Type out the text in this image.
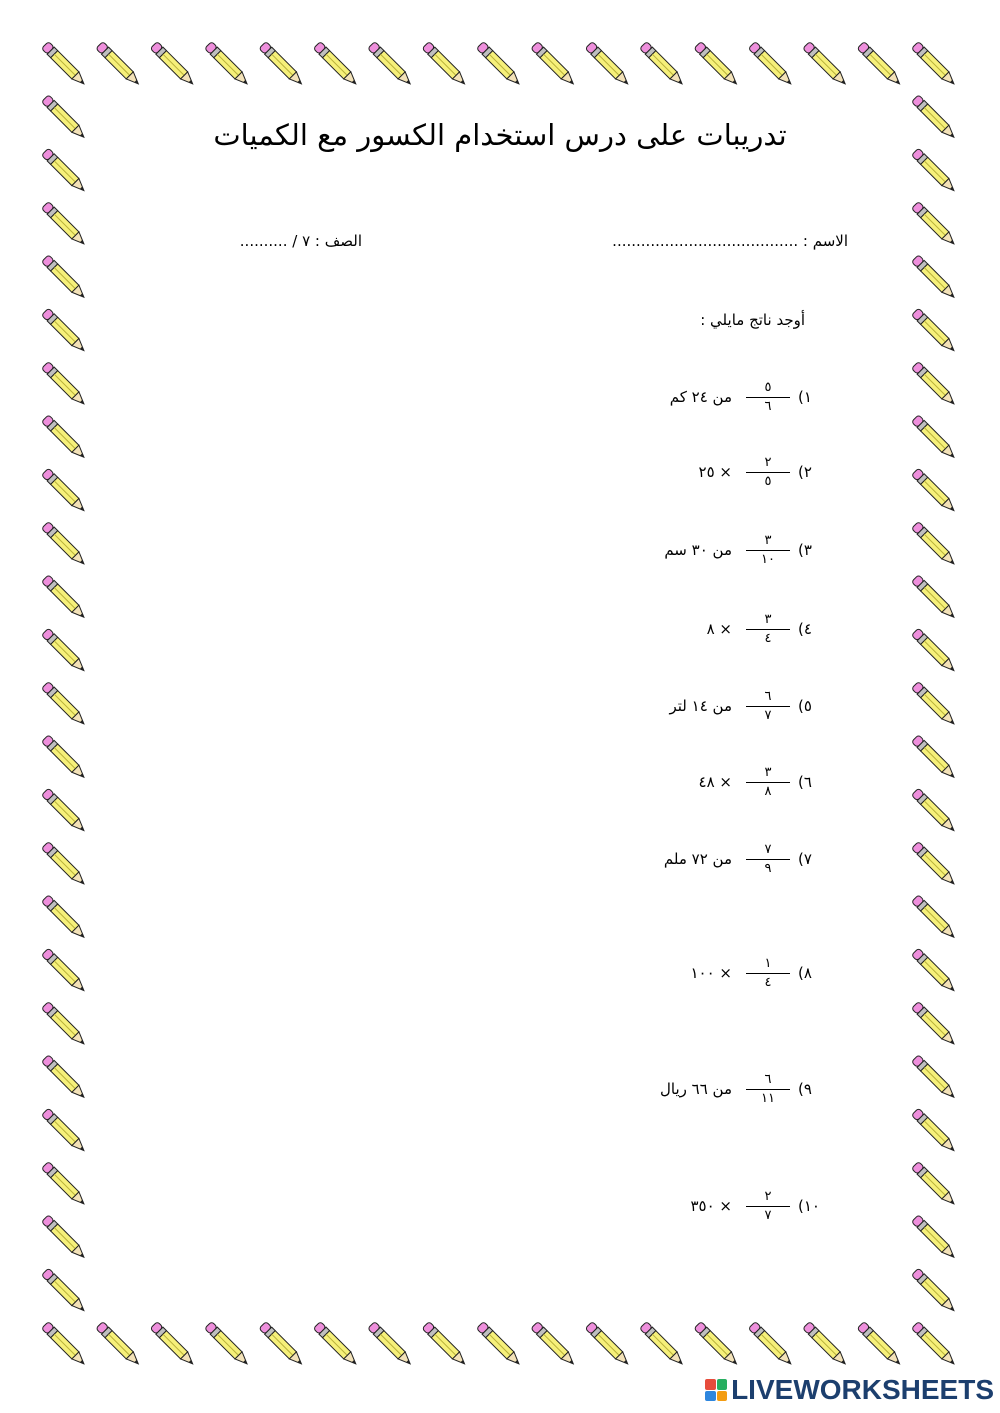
تدريبات على درس استخدام الكسور مع الكميات
الاسم : .......................................
الصف : ٧ / ..........
أوجد ناتج مايلي :
١)
$\frac{٥}{٦}$
من ٢٤ كم
٢)
$\frac{٢}{٥}$
× ٢٥
٣)
$\frac{٣}{١٠}$
من ٣٠ سم
٤)
$\frac{٣}{٤}$
× ٨
٥)
$\frac{٦}{٧}$
من ١٤ لتر
٦)
$\frac{٣}{٨}$
× ٤٨
٧)
$\frac{٧}{٩}$
من ٧٢ ملم
٨)
$\frac{١}{٤}$
× ١٠٠
٩)
$\frac{٦}{١١}$
من ٦٦ ريال
١٠)
$\frac{٢}{٧}$
× ٣٥٠
LIVEWORKSHEETS
